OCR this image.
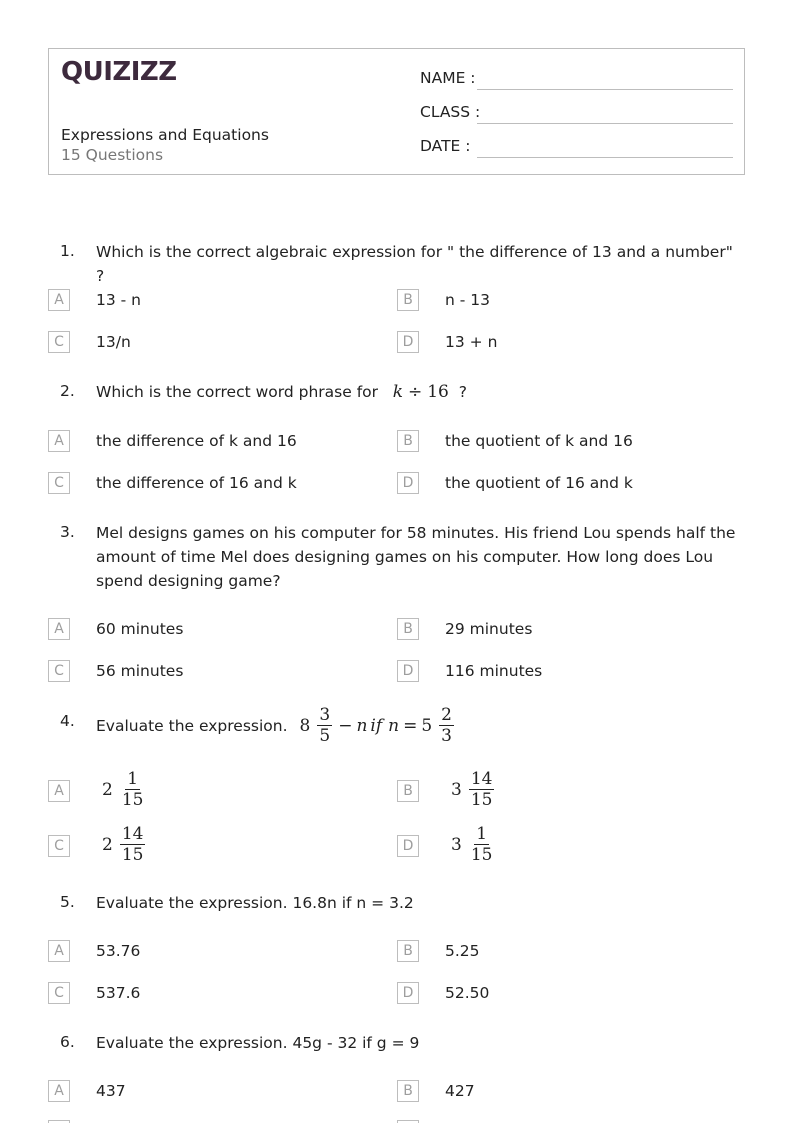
QUIZIZZ
Expressions and Equations
15 Questions
NAME :
CLASS :
DATE :
1. Which is the correct algebraic expression for " the difference of 13 and a number" ?
A	13 - n	B	n - 13
C	13/n	D	13 + n
2. Which is the correct word phrase for k ÷ 16 ?
A	the difference of k and 16	B	the quotient of k and 16
C	the difference of 16 and k	D	the quotient of 16 and k
3. Mel designs games on his computer for 58 minutes. His friend Lou spends half the amount of time Mel does designing games on his computer. How long does Lou spend designing game?
A	60 minutes	B	29 minutes
C	56 minutes	D	116 minutes
4. Evaluate the expression. $8 \frac{3}{5} - n$ if $n = 5 \frac{2}{3}$
A	$2 \frac{1}{15}$	B	$3 \frac{14}{15}$
C	$2 \frac{14}{15}$	D	$3 \frac{1}{15}$
5. Evaluate the expression. 16.8n if n = 3.2
A	53.76	B	5.25
C	537.6	D	52.50
6. Evaluate the expression. 45g - 32 if g = 9
A	437	B	427
